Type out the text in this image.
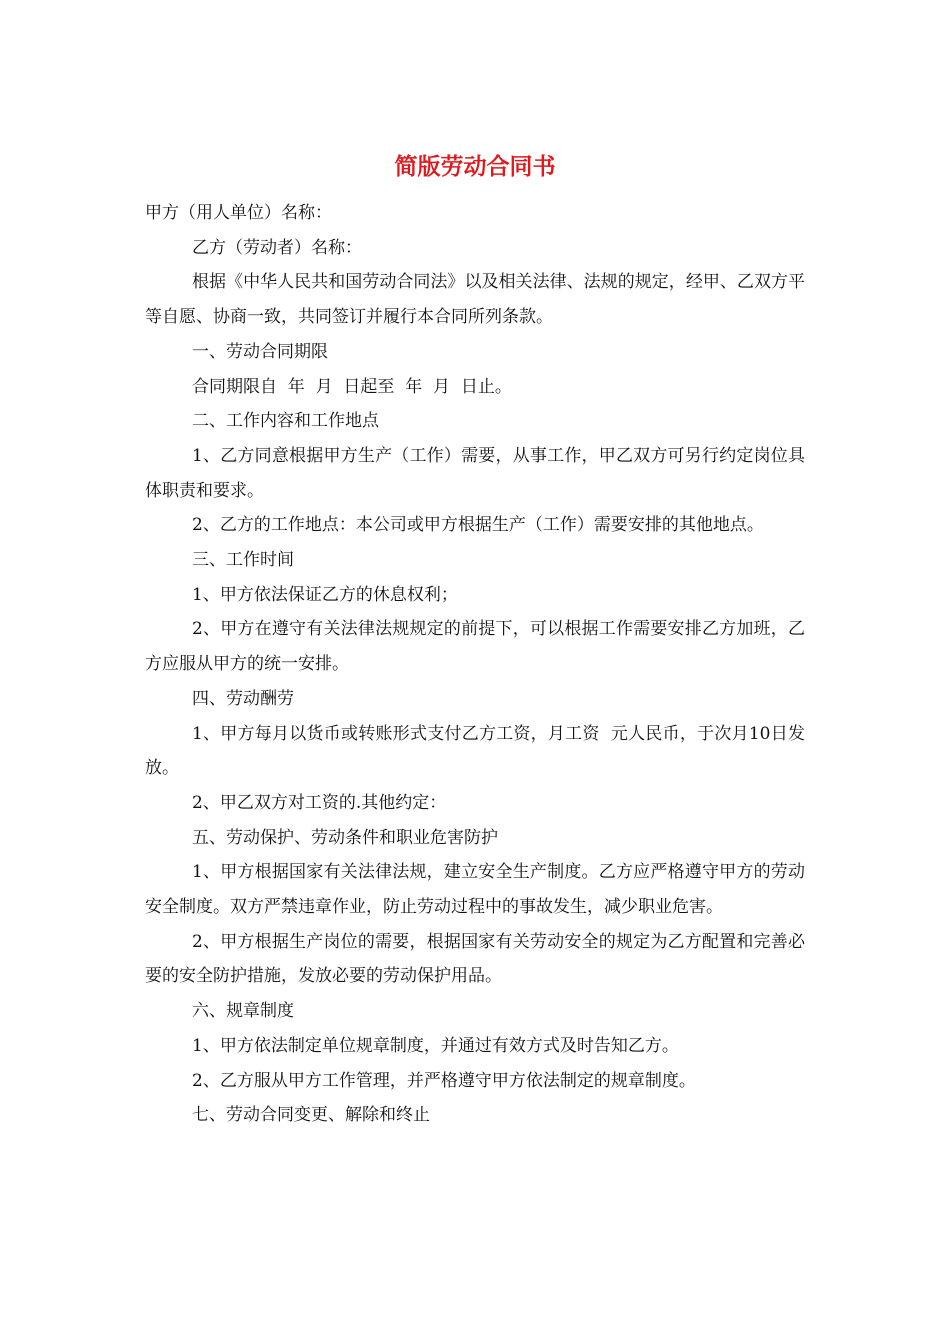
简版劳动合同书

甲方（用人单位）名称：

乙方（劳动者）名称：

根据《中华人民共和国劳动合同法》以及相关法律、法规的规定，经甲、乙双方平等自愿、协商一致，共同签订并履行本合同所列条款。

一、劳动合同期限

合同期限自  年  月  日起至  年  月  日止。

二、工作内容和工作地点

1、乙方同意根据甲方生产（工作）需要，从事工作，甲乙双方可另行约定岗位具体职责和要求。

2、乙方的工作地点：本公司或甲方根据生产（工作）需要安排的其他地点。

三、工作时间

1、甲方依法保证乙方的休息权利；

2、甲方在遵守有关法律法规规定的前提下，可以根据工作需要安排乙方加班，乙方应服从甲方的统一安排。

四、劳动酬劳

1、甲方每月以货币或转账形式支付乙方工资，月工资  元人民币，于次月10日发放。

2、甲乙双方对工资的.其他约定：

五、劳动保护、劳动条件和职业危害防护

1、甲方根据国家有关法律法规，建立安全生产制度。乙方应严格遵守甲方的劳动安全制度。双方严禁违章作业，防止劳动过程中的事故发生，减少职业危害。

2、甲方根据生产岗位的需要，根据国家有关劳动安全的规定为乙方配置和完善必要的安全防护措施，发放必要的劳动保护用品。

六、规章制度

1、甲方依法制定单位规章制度，并通过有效方式及时告知乙方。

2、乙方服从甲方工作管理，并严格遵守甲方依法制定的规章制度。

七、劳动合同变更、解除和终止
